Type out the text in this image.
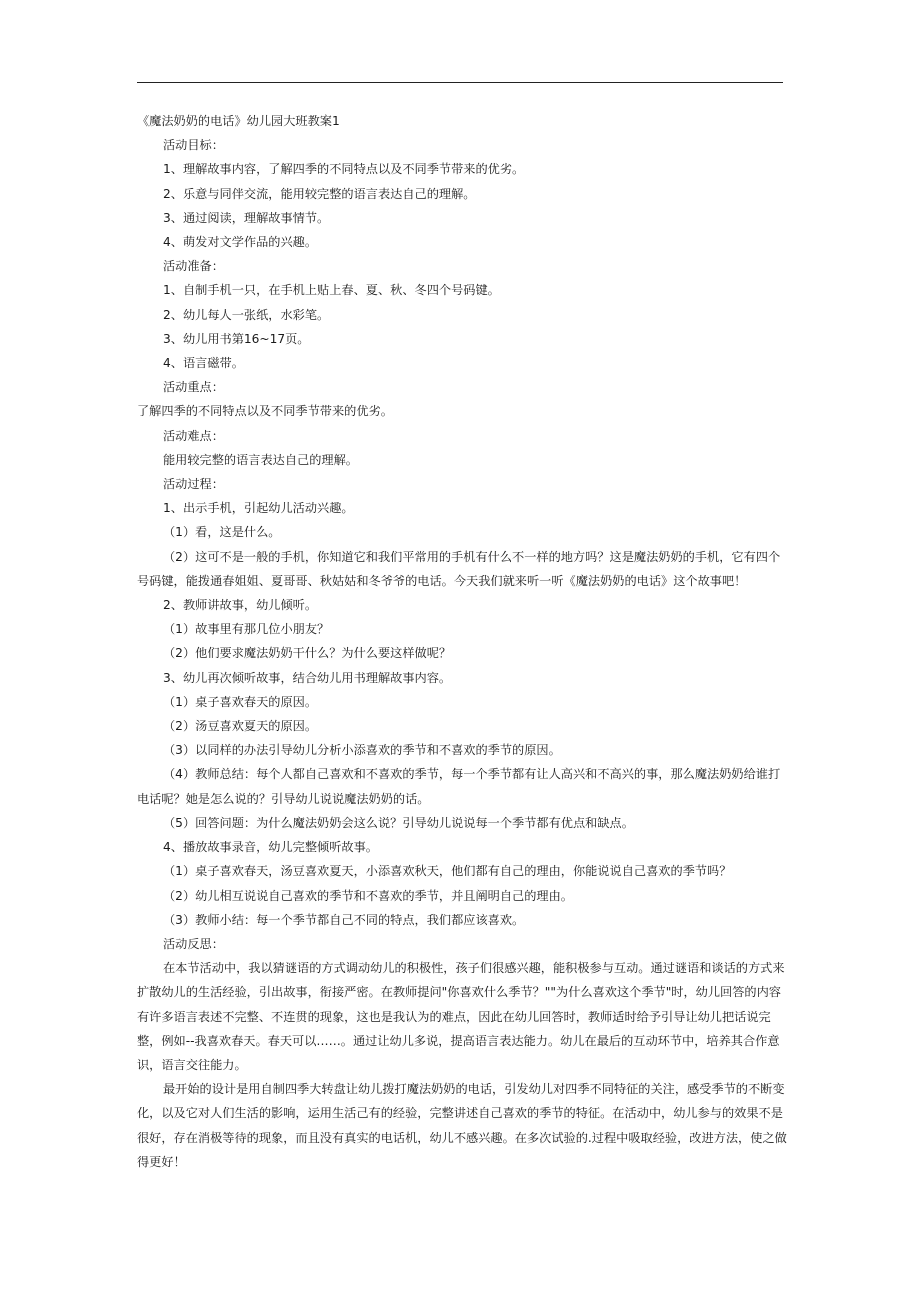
《魔法奶奶的电话》幼儿园大班教案1

活动目标：

1、理解故事内容，了解四季的不同特点以及不同季节带来的优劣。

2、乐意与同伴交流，能用较完整的语言表达自己的理解。

3、通过阅读，理解故事情节。

4、萌发对文学作品的兴趣。

活动准备：

1、自制手机一只，在手机上贴上春、夏、秋、冬四个号码键。

2、幼儿每人一张纸，水彩笔。

3、幼儿用书第16~17页。

4、语言磁带。

活动重点：

了解四季的不同特点以及不同季节带来的优劣。

活动难点：

能用较完整的语言表达自己的理解。

活动过程：

1、出示手机，引起幼儿活动兴趣。

（1）看，这是什么。

（2）这可不是一般的手机，你知道它和我们平常用的手机有什么不一样的地方吗？这是魔法奶奶的手机，它有四个号码键，能拨通春姐姐、夏哥哥、秋姑姑和冬爷爷的电话。今天我们就来听一听《魔法奶奶的电话》这个故事吧！

2、教师讲故事，幼儿倾听。

（1）故事里有那几位小朋友？

（2）他们要求魔法奶奶干什么？为什么要这样做呢？

3、幼儿再次倾听故事，结合幼儿用书理解故事内容。

（1）桌子喜欢春天的原因。

（2）汤豆喜欢夏天的原因。

（3）以同样的办法引导幼儿分析小添喜欢的季节和不喜欢的季节的原因。

（4）教师总结：每个人都自己喜欢和不喜欢的季节，每一个季节都有让人高兴和不高兴的事，那么魔法奶奶给谁打电话呢？她是怎么说的？引导幼儿说说魔法奶奶的话。

（5）回答问题：为什么魔法奶奶会这么说？引导幼儿说说每一个季节都有优点和缺点。

4、播放故事录音，幼儿完整倾听故事。

（1）桌子喜欢春天，汤豆喜欢夏天，小添喜欢秋天，他们都有自己的理由，你能说说自己喜欢的季节吗？

（2）幼儿相互说说自己喜欢的季节和不喜欢的季节，并且阐明自己的理由。

（3）教师小结：每一个季节都自己不同的特点，我们都应该喜欢。

活动反思：

在本节活动中，我以猜谜语的方式调动幼儿的积极性，孩子们很感兴趣，能积极参与互动。通过谜语和谈话的方式来扩散幼儿的生活经验，引出故事，衔接严密。在教师提问"你喜欢什么季节？""为什么喜欢这个季节"时，幼儿回答的内容有许多语言表述不完整、不连贯的现象，这也是我认为的难点，因此在幼儿回答时，教师适时给予引导让幼儿把话说完整，例如--我喜欢春天。春天可以……。通过让幼儿多说，提高语言表达能力。幼儿在最后的互动环节中，培养其合作意识，语言交往能力。

最开始的设计是用自制四季大转盘让幼儿拨打魔法奶奶的电话，引发幼儿对四季不同特征的关注，感受季节的不断变化，以及它对人们生活的影响，运用生活己有的经验，完整讲述自己喜欢的季节的特征。在活动中，幼儿参与的效果不是很好，存在消极等待的现象，而且没有真实的电话机，幼儿不感兴趣。在多次试验的.过程中吸取经验，改进方法，使之做得更好！
